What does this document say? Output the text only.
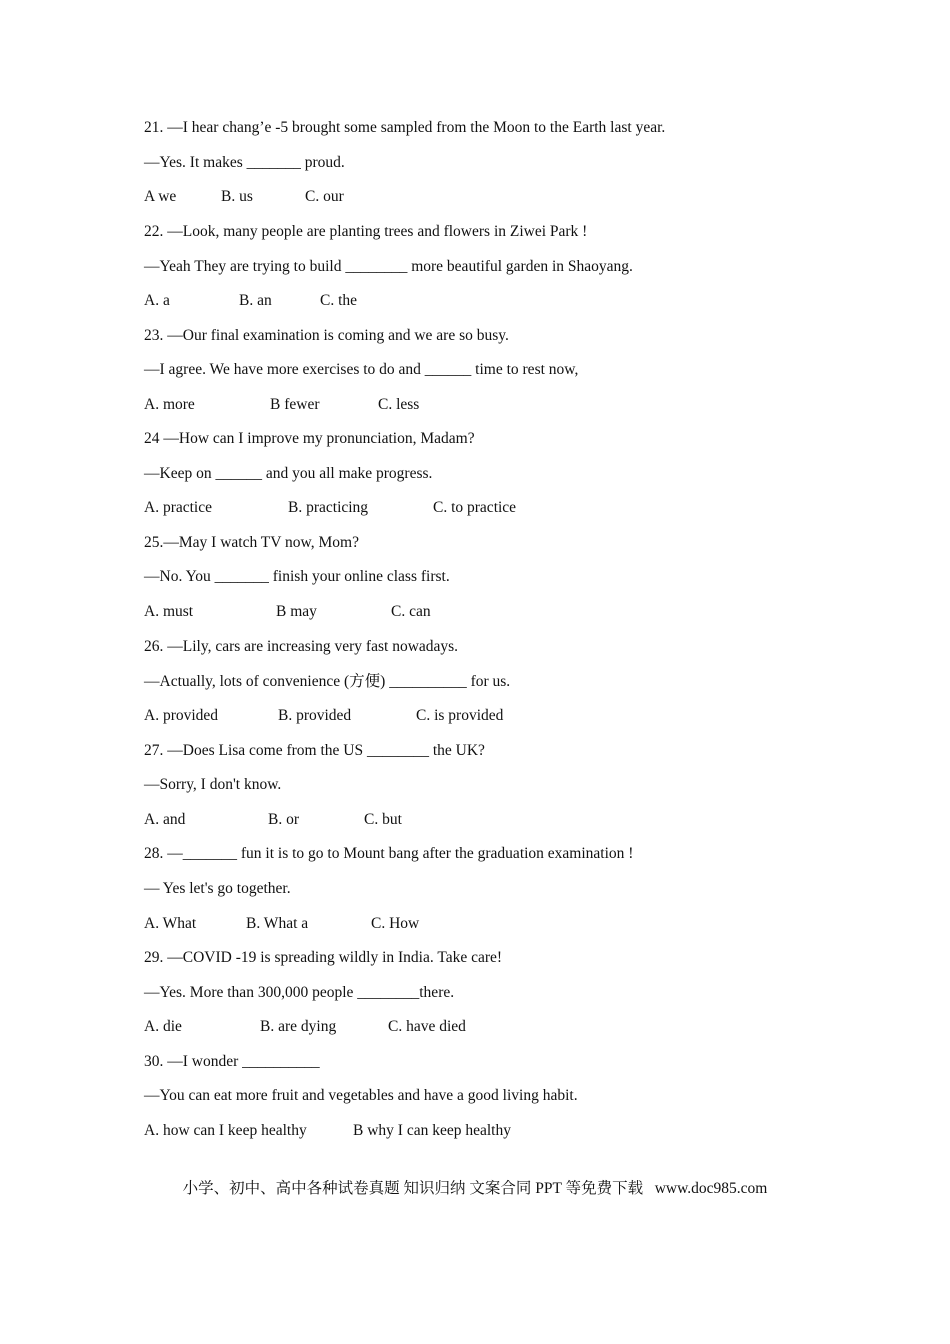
21. ―I hear chang’e -5 brought some sampled from the Moon to the Earth last year.
―Yes. It makes _______ proud.

A we

	B. us

	C. our

22. ―Look, many people are planting trees and flowers in Ziwei Park !
―Yeah They are trying to build ________ more beautiful garden in Shaoyang.

A. a

	B. an

	C. the

23. ―Our final examination is coming and we are so busy.
―I agree. We have more exercises to do and ______ time to rest now,

A. more

	B fewer

	C. less

24 ―How can I improve my pronunciation, Madam?
―Keep on ______ and you all make progress.

A. practice

	B. practicing

	C. to practice

25.―May I watch TV now, Mom?
―No. You _______ finish your online class first.

A. must

	B may

	C. can

26. ―Lily, cars are increasing very fast nowadays.
―Actually, lots of convenience (方便) __________ for us.

A. provided

	B. provided

	C. is provided

27. ―Does Lisa come from the US ________ the UK?
―Sorry, I don't know.

A. and

	B. or

	C. but

28. ―_______ fun it is to go to Mount bang after the graduation examination !
— Yes let's go together.

A. What

	B. What a

	C. How

29. ―COVID -19 is spreading wildly in India. Take care!
—Yes. More than 300,000 people ________there.

A. die

	B. are dying

	C. have died

30. ―I wonder __________
―You can eat more fruit and vegetables and have a good living habit.

A. how can I keep healthy

	B why I can keep healthy

小学、初中、高中各种试卷真题 知识归纳 文案合同 PPT 等免费下载   www.doc985.com
